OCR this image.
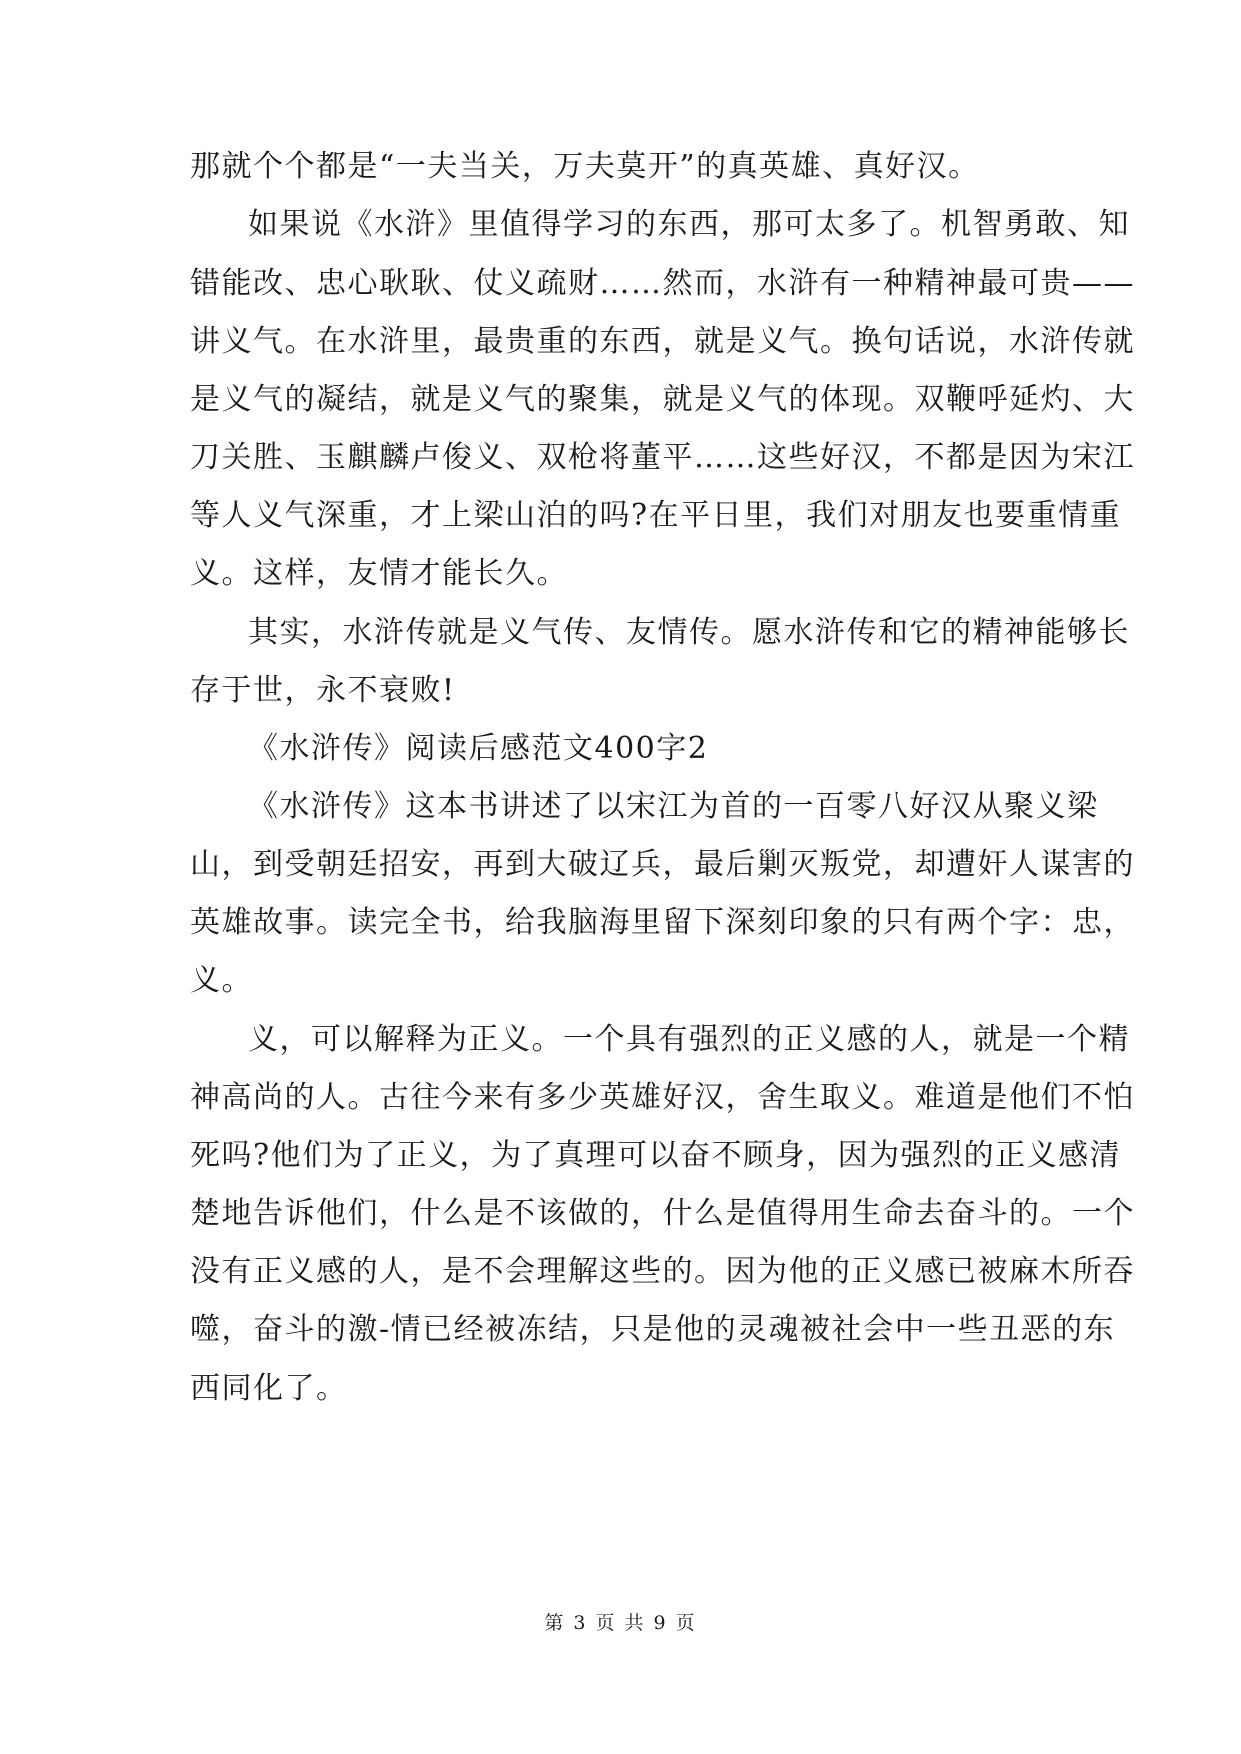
那就个个都是“一夫当关，万夫莫开”的真英雄、真好汉。
如果说《水浒》里值得学习的东西，那可太多了。机智勇敢、知
错能改、忠心耿耿、仗义疏财……然而，水浒有一种精神最可贵——
讲义气。在水浒里，最贵重的东西，就是义气。换句话说，水浒传就
是义气的凝结，就是义气的聚集，就是义气的体现。双鞭呼延灼、大
刀关胜、玉麒麟卢俊义、双枪将董平……这些好汉，不都是因为宋江
等人义气深重，才上梁山泊的吗?在平日里，我们对朋友也要重情重
义。这样，友情才能长久。
其实，水浒传就是义气传、友情传。愿水浒传和它的精神能够长
存于世，永不衰败!
《水浒传》阅读后感范文400字2
《水浒传》这本书讲述了以宋江为首的一百零八好汉从聚义梁
山，到受朝廷招安，再到大破辽兵，最后剿灭叛党，却遭奸人谋害的
英雄故事。读完全书，给我脑海里留下深刻印象的只有两个字：忠，
义。
义，可以解释为正义。一个具有强烈的正义感的人，就是一个精
神高尚的人。古往今来有多少英雄好汉，舍生取义。难道是他们不怕
死吗?他们为了正义，为了真理可以奋不顾身，因为强烈的正义感清
楚地告诉他们，什么是不该做的，什么是值得用生命去奋斗的。一个
没有正义感的人，是不会理解这些的。因为他的正义感已被麻木所吞
噬，奋斗的激-情已经被冻结，只是他的灵魂被社会中一些丑恶的东
西同化了。
第 3 页 共 9 页
